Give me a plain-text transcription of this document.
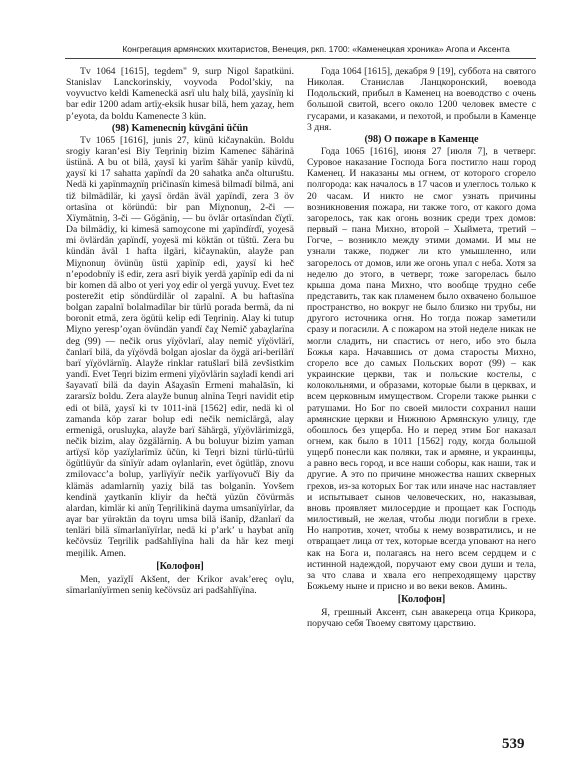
Конгрегация армянских мхитаристов, Венеция, ркп. 1700: «Каменецкая хроника» Агопа и Аксента

Tv 1064 [1615], tegdem" 9, surp Nigol šapatküni. Stanislav Lanckorinskiy, voyvoda Podol’skiy, na voyvuctvo keldi Kameneckä asrï ulu halχ bilä, χaysïnïŋ ki bar edir 1200 adam artïχ-eksik husar bilä, hem χazaχ, hem p’eyota, da boldu Kamenecte 3 kün.

(98) Kamenecniŋ küvgäni üčün

Tv 1065 [1616], junis 27, künü kičaynakün. Boldu srogiy karan’esi Biy Teŋriniŋ bizim Kamenec šähärinä üstünä. A bu ot bilä, χaysï ki yarïm šähär yanïp küvdü, χaysï ki 17 sahatta χapïndï da 20 sahatka anča olturuštu. Nedä ki χapïnmaχnïŋ pričinasïn kimesä bilmadï bilmä, ani tiž bilmädilär, ki χaysï ördän äväl χapïndï, zera 3 öv ortasïna ot köründü: bir pan Miχnonuŋ, 2-či — Χïymätniŋ, 3-či — Gögäniŋ, — bu övlär ortasïndan čïχtï. Da bilmädiχ, ki kimesä samoχcone mi χapïndïrdï, yoχesä mi övlärdän χapïndï, yoχesä mi köktän ot tüštü. Zera bu kündän äväl 1 hafta ilgäri, kičaynakün, alayže pan Miχnonuŋ övünüŋ üstü χapïnïp edi, χaysï ki heč n’epodobnïy iš edir, zera asrï biyik yerdä χapïnïp edi da ni bir komen dä albo ot yeri yoχ edir ol yergä yuvuχ. Evet tez posterežit etip söndürdilär ol zapalnï. A bu haftasïna bolgan zapalnï bolalmadïlar bir türlü porada bermä, da ni boronit etmä, zera ögütü kelip edi Teŋriniŋ. Alay ki tutup Miχno yeresp’oχan övündän yandï čaχ Nemič χabaχlarïna deg (99) — nečik orus yïχövlarï, alay nemič yïχövlärï, čanlarï bilä, da yïχövdä bolgan ajoslar da öχgä ari-berilärï barï yïχövlärnïŋ. Alayže rinklar ratušlarï bilä zevšistkim yandï. Evet Teŋri bizim ermeni yïχövlärin saχladï kendi ari šayavatï bilä da dayin Ašaχasïn Ermeni mahalāsïn, ki zararsïz boldu. Zera alayže bunuŋ alnïna Teŋri navidit etip edi ot bilä, χaysï ki tv 1011-inä [1562] edir, nedä ki ol zamanda köp zarar bolup edi nečik nemiclärgä, alay ermenigä, orusluχka, alayže barï šähärgä, yïχövlärimizgä, nečik bizim, alay özgälärniŋ. A bu boluyur bizim yaman artïχsï köp yazïχlarïmïz üčün, ki Teŋri bizni türlü-türlü ögütlüyür da sïnïyïr adam oγlanlarïn, evet ögütläp, znovu zmilovacc’a bolup, yarlïγïyïr nečik yarlïγovučï Biy da klämäs adamlarnïŋ yaziχ bilä tas bolganïn. Yovšem kendinä χaytkanïn kliyir da hečtä yüzün čövürmäs alardan, kimlär ki anïŋ Teŋrilikinä dayma umsanïyïrlar, da aγar bar yürəktän da toγru umsa bilä išanïp, džanlarï da tenläri bilä sïmarlanïyïrlar, nedä ki p’ark’ u haybat anïŋ kečövsüz Teŋrilik padšahlïγïna hali da här kez meŋi meŋilik. Amen.

[Колофон]

Men, yazïχlï Akšent, der Krikor avak’ereç oγlu, sïmarlanïyïrmen seniŋ kečövsüz ari padšahlïγïna.

Года 1064 [1615], декабря 9 [19], суббота на святого Николая. Станислав Ланцкоронский, воевода Подольский, прибыл в Каменец на воеводство с очень большой свитой, всего около 1200 человек вместе с гусарами, и казаками, и пехотой, и пробыли в Каменце 3 дня.

(98) О пожаре в Каменце

Года 1065 [1616], июня 27 [июля 7], в четверг. Суровое наказание Господа Бога постигло наш город Каменец. И наказаны мы огнем, от которого сгорело полгорода: как началось в 17 часов и улеглось только к 20 часам. И никто не смог узнать причины возникновения пожара, ни также того, от какого дома загорелось, так как огонь возник среди трех домов: первый – пана Михно, второй – Хыймета, третий – Гогче, – возникло между этими домами. И мы не узнали также, поджег ли кто умышленно, или загорелось от домов, или же огонь упал с неба. Хотя за неделю до этого, в четверг, тоже загорелась было крыша дома пана Михно, что вообще трудно себе представить, так как пламенем было охвачено большое пространство, но вокруг не было близко ни трубы, ни другого источника огня. Но тогда пожар заметили сразу и погасили. А с пожаром на этой неделе никак не могли сладить, ни спастись от него, ибо это была Божья кара. Начавшись от дома старосты Михно, сгорело все до самых Польских ворот (99) – как украинские церкви, так и польские костелы, с колокольнями, и образами, которые были в церквах, и всем церковным имуществом. Сгорели также рынки с ратушами. Но Бог по своей милости сохранил наши армянские церкви и Нижнюю Армянскую улицу, где обошлось без ущерба. Но и перед этим Бог наказал огнем, как было в 1011 [1562] году, когда большой ущерб понесли как поляки, так и армяне, и украинцы, а равно весь город, и все наши соборы, как наши, так и другие. А это по причине множества наших скверных грехов, из-за которых Бог так или иначе нас наставляет и испытывает сынов человеческих, но, наказывая, вновь проявляет милосердие и прощает как Господь милостивый, не желая, чтобы люди погибли в грехе. Но напротив, хочет, чтобы к нему возвратились, и не отвращает лица от тех, которые всегда уповают на него как на Бога и, полагаясь на него всем сердцем и с истинной надеждой, поручают ему свои души и тела, за что слава и хвала его непреходящему царству Божьему ныне и присно и во веки веков. Аминь.

[Колофон]

Я, грешный Аксент, сын авакереца отца Крикора, поручаю себя Твоему святому царствию.

539
